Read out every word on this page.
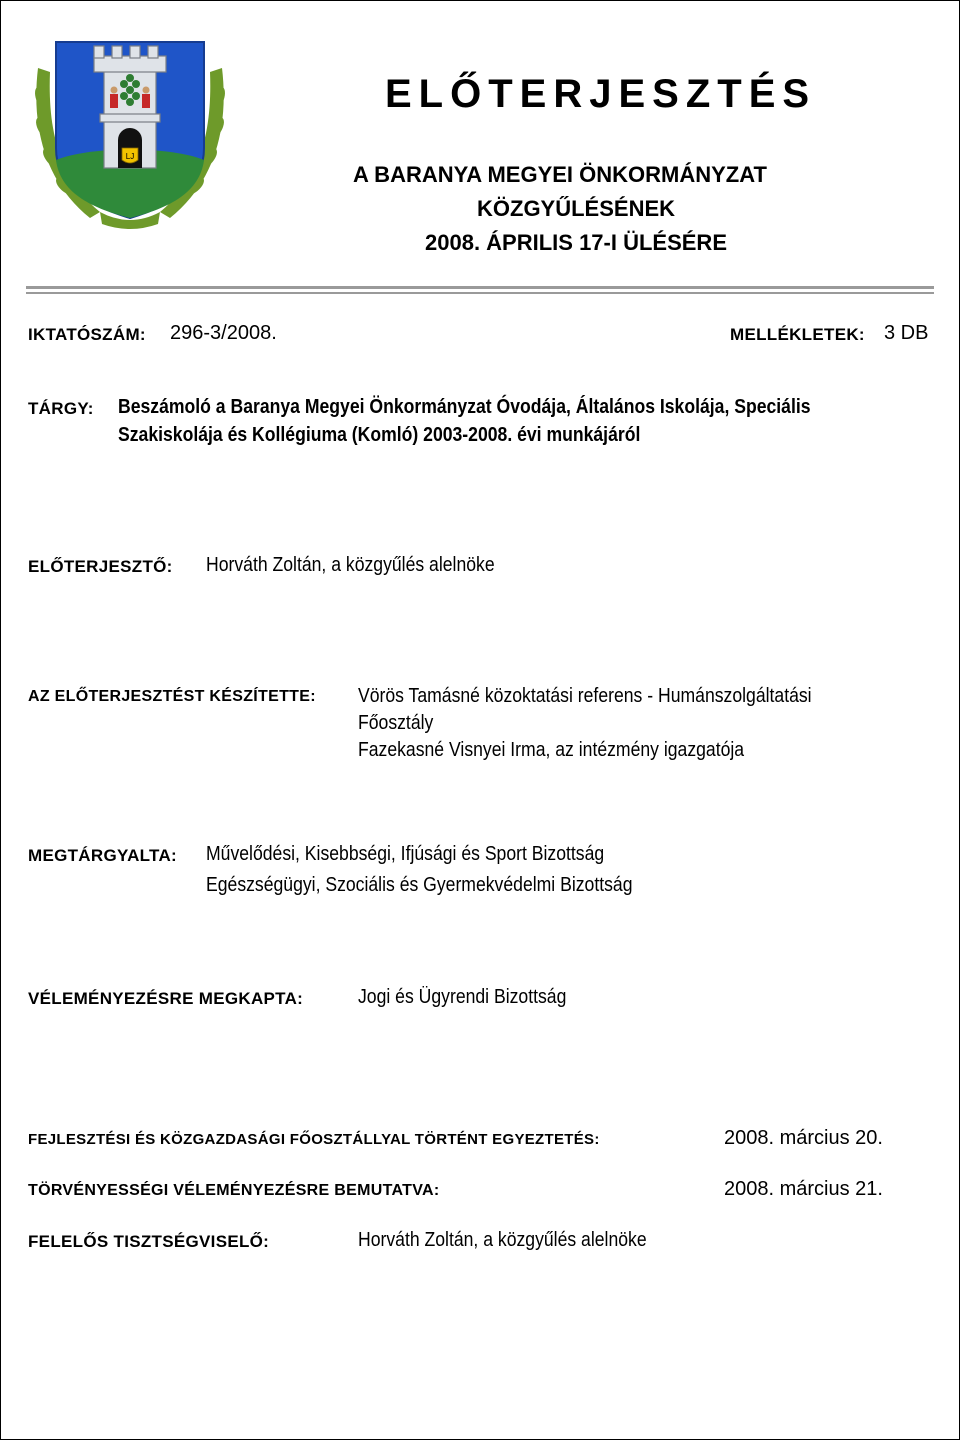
LJ
ELŐTERJESZTÉS
A BARANYA MEGYEI ÖNKORMÁNYZAT
KÖZGYŰLÉSÉNEK
2008. ÁPRILIS 17-I ÜLÉSÉRE
IKTATÓSZÁM: 296-3/2008.	MELLÉKLETEK: 3 DB
TÁRGY: Beszámoló a Baranya Megyei Önkormányzat Óvodája, Általános Iskolája, Speciális
Szakiskolája és Kollégiuma (Komló) 2003-2008. évi munkájáról
ELŐTERJESZTŐ: Horváth Zoltán, a közgyűlés alelnöke
AZ ELŐTERJESZTÉST KÉSZÍTETTE: Vörös Tamásné közoktatási referens - Humánszolgáltatási
Főosztály
Fazekasné Visnyei Irma, az intézmény igazgatója
MEGTÁRGYALTA: Művelődési, Kisebbségi, Ifjúsági és Sport Bizottság
Egészségügyi, Szociális és Gyermekvédelmi Bizottság
VÉLEMÉNYEZÉSRE MEGKAPTA:	Jogi és Ügyrendi Bizottság
FEJLESZTÉSI ÉS KÖZGAZDASÁGI FŐOSZTÁLLYAL TÖRTÉNT EGYEZTETÉS:	2008. március 20.
TÖRVÉNYESSÉGI VÉLEMÉNYEZÉSRE BEMUTATVA:	2008. március 21.
FELELŐS TISZTSÉGVISELŐ:	Horváth Zoltán, a közgyűlés alelnöke
